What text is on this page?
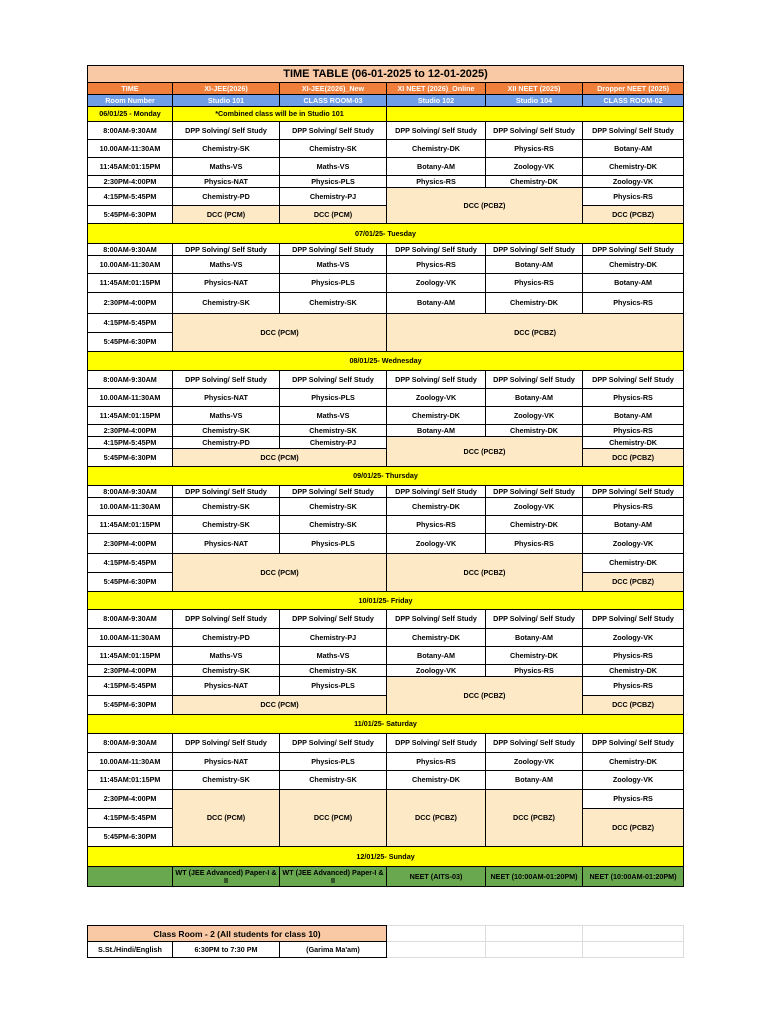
TIME TABLE (06-01-2025 to 12-01-2025)					
TIME	XI-JEE(2026)	XI-JEE(2026)_New	XI NEET (2026)_Online	XII NEET (2025)	Dropper NEET (2025)
Room Number	Studio 101	CLASS ROOM-03	Studio 102	Studio 104	CLASS ROOM-02
06/01/25 - Monday	*Combined class will be in Studio 101				
8:00AM-9:30AM	DPP Solving/ Self Study	DPP Solving/ Self Study	DPP Solving/ Self Study	DPP Solving/ Self Study	DPP Solving/ Self Study
10.00AM-11:30AM	Chemistry-SK	Chemistry-SK	Chemistry-DK	Physics-RS	Botany-AM
11:45AM:01:15PM	Maths-VS	Maths-VS	Botany-AM	Zoology-VK	Chemistry-DK
2:30PM-4:00PM	Physics-NAT	Physics-PLS	Physics-RS	Chemistry-DK	Zoology-VK
4:15PM-5:45PM	Chemistry-PD	Chemistry-PJ	DCC (PCBZ)		Physics-RS
5:45PM-6:30PM	DCC (PCM)	DCC (PCM)			DCC (PCBZ)
07/01/25- Tuesday					
8:00AM-9:30AM	DPP Solving/ Self Study	DPP Solving/ Self Study	DPP Solving/ Self Study	DPP Solving/ Self Study	DPP Solving/ Self Study
10.00AM-11:30AM	Maths-VS	Maths-VS	Physics-RS	Botany-AM	Chemistry-DK
11:45AM:01:15PM	Physics-NAT	Physics-PLS	Zoology-VK	Physics-RS	Botany-AM
2:30PM-4:00PM	Chemistry-SK	Chemistry-SK	Botany-AM	Chemistry-DK	Physics-RS
4:15PM-5:45PM	DCC (PCM)		DCC (PCBZ)		
5:45PM-6:30PM					
08/01/25- Wednesday					
8:00AM-9:30AM	DPP Solving/ Self Study	DPP Solving/ Self Study	DPP Solving/ Self Study	DPP Solving/ Self Study	DPP Solving/ Self Study
10.00AM-11:30AM	Physics-NAT	Physics-PLS	Zoology-VK	Botany-AM	Physics-RS
11:45AM:01:15PM	Maths-VS	Maths-VS	Chemistry-DK	Zoology-VK	Botany-AM
2:30PM-4:00PM	Chemistry-SK	Chemistry-SK	Botany-AM	Chemistry-DK	Physics-RS
4:15PM-5:45PM	Chemistry-PD	Chemistry-PJ	DCC (PCBZ)		Chemistry-DK
5:45PM-6:30PM	DCC (PCM)				DCC (PCBZ)
09/01/25- Thursday					
8:00AM-9:30AM	DPP Solving/ Self Study	DPP Solving/ Self Study	DPP Solving/ Self Study	DPP Solving/ Self Study	DPP Solving/ Self Study
10.00AM-11:30AM	Chemistry-SK	Chemistry-SK	Chemistry-DK	Zoology-VK	Physics-RS
11:45AM:01:15PM	Chemistry-SK	Chemistry-SK	Physics-RS	Chemistry-DK	Botany-AM
2:30PM-4:00PM	Physics-NAT	Physics-PLS	Zoology-VK	Physics-RS	Zoology-VK
4:15PM-5:45PM	DCC (PCM)		DCC (PCBZ)		Chemistry-DK
5:45PM-6:30PM					DCC (PCBZ)
10/01/25- Friday					
8:00AM-9:30AM	DPP Solving/ Self Study	DPP Solving/ Self Study	DPP Solving/ Self Study	DPP Solving/ Self Study	DPP Solving/ Self Study
10.00AM-11:30AM	Chemistry-PD	Chemistry-PJ	Chemistry-DK	Botany-AM	Zoology-VK
11:45AM:01:15PM	Maths-VS	Maths-VS	Botany-AM	Chemistry-DK	Physics-RS
2:30PM-4:00PM	Chemistry-SK	Chemistry-SK	Zoology-VK	Physics-RS	Chemistry-DK
4:15PM-5:45PM	Physics-NAT	Physics-PLS	DCC (PCBZ)		Physics-RS
5:45PM-6:30PM	DCC (PCM)				DCC (PCBZ)
11/01/25- Saturday					
8:00AM-9:30AM	DPP Solving/ Self Study	DPP Solving/ Self Study	DPP Solving/ Self Study	DPP Solving/ Self Study	DPP Solving/ Self Study
10.00AM-11:30AM	Physics-NAT	Physics-PLS	Physics-RS	Zoology-VK	Chemistry-DK
11:45AM:01:15PM	Chemistry-SK	Chemistry-SK	Chemistry-DK	Botany-AM	Zoology-VK
2:30PM-4:00PM	DCC (PCM)	DCC (PCM)	DCC (PCBZ)	DCC (PCBZ)	Physics-RS
4:15PM-5:45PM					DCC (PCBZ)
5:45PM-6:30PM					
12/01/25- Sunday					
	WT (JEE Advanced) Paper-I & II	WT (JEE Advanced) Paper-I & II	NEET (AITS-03)	NEET (10:00AM-01:20PM)	NEET (10:00AM-01:20PM)
Class Room - 2 (All students for class 10)					
S.St./Hindi/English	6:30PM to 7:30 PM	(Garima Ma'am)			
